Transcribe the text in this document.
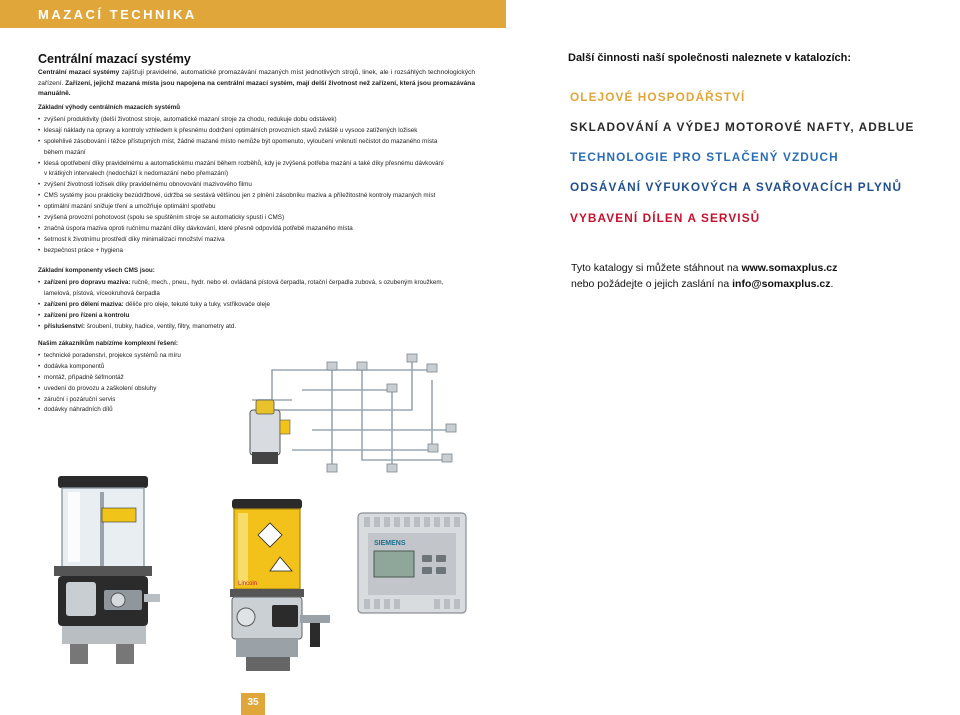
MAZACÍ TECHNIKA
Centrální mazací systémy
Centrální mazací systémy zajišťují pravidelné, automatické promazávání mazaných míst jednotlivých strojů, linek, ale i rozsáhlých technologických zařízení. Zařízení, jejichž mazaná místa jsou napojena na centrální mazací systém, mají delší životnost než zařízení, která jsou promazávána manuálně.
Základní výhody centrálních mazacích systémů
• zvýšení produktivity (delší životnost stroje, automatické mazaní stroje za chodu, redukuje dobu odstávek)
• klesají náklady na opravy a kontroly vzhledem k přesnému dodržení optimálních provozních stavů zvláště u vysoce zatížených ložisek
• spolehlivé zásobování i těžce přístupných míst, žádné mazané místo nemůže být opomenuto, vyloučení vniknutí nečistot do mazaného místa
během mazání
• klesá opotřebení díky pravidelnému a automatickému mazání během rozběhů, kdy je zvýšená potřeba mazání a také díky přesnému dávkování
v krátkých intervalech (nedochází k nedomazání nebo přemazání)
• zvýšení životnosti ložisek díky pravidelnému obnovování mazivového filmu
• CMS systémy jsou prakticky bezúdržbové, údržba se sestává většinou jen z plnění zásobníku maziva a příležitostné kontroly mazaných míst
• optimální mazání snižuje tření a umožňuje optimální spotřebu
• zvýšená provozní pohotovost (spolu se spuštěním stroje se automaticky spustí i CMS)
• značná úspora maziva oproti ručnímu mazání díky dávkování, které přesně odpovídá potřebě mazaného místa
• šetrnost k životnímu prostředí díky minimalizaci množství maziva
• bezpečnost práce + hygiena
Základní komponenty všech CMS jsou:
• zařízení pro dopravu maziva: ručně, mech., pneu., hydr. nebo el. ovládaná pístová čerpadla, rotační čerpadla zubová, s ozubeným kroužkem, lamelová, pístová, víceokruhová čerpadla
• zařízení pro dělení maziva: děliče pro oleje, tekuté tuky a tuky, vstřikovače oleje
• zařízení pro řízení a kontrolu
• příslušenství: šroubení, trubky, hadice, ventily, filtry, manometry atd.
Našim zákazníkům nabízíme komplexní řešení:
• technické poradenství, projekce systémů na míru
• dodávka komponentů
• montáž, případně šéfmontáž
• uvedení do provozu a zaškolení obsluhy
• záruční i pozáruční servis
• dodávky náhradních dílů
Lincoln
SIEMENS
35
Další činnosti naší společnosti naleznete v katalozích:
OLEJOVÉ HOSPODÁŘSTVÍ
SKLADOVÁNÍ A VÝDEJ MOTOROVÉ NAFTY, ADBLUE
TECHNOLOGIE PRO STLAČENÝ VZDUCH
ODSÁVÁNÍ VÝFUKOVÝCH A SVAŘOVACÍCH PLYNŮ
VYBAVENÍ DÍLEN A SERVISŮ
Tyto katalogy si můžete stáhnout na www.somaxplus.cz
nebo požádejte o jejich zaslání na info@somaxplus.cz.
